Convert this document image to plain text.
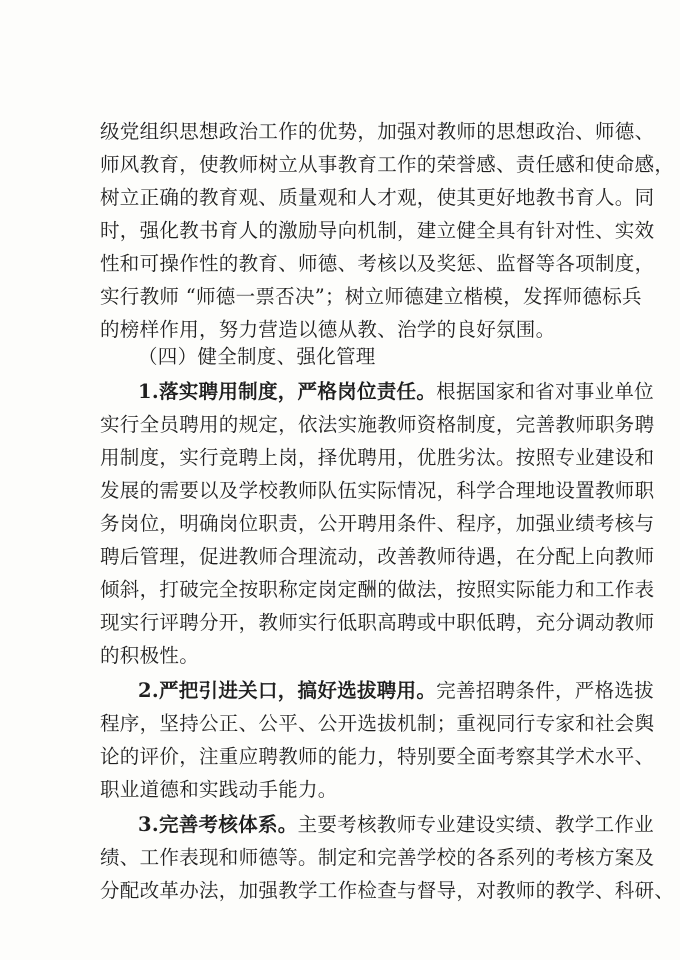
级党组织思想政治工作的优势，加强对教师的思想政治、师德、
师风教育，使教师树立从事教育工作的荣誉感、责任感和使命感，
树立正确的教育观、质量观和人才观，使其更好地教书育人。同
时，强化教书育人的激励导向机制，建立健全具有针对性、实效
性和可操作性的教育、师德、考核以及奖惩、监督等各项制度，
实行教师 “师德一票否决”；树立师德建立楷模，发挥师德标兵
的榜样作用，努力营造以德从教、治学的良好氛围。
（四）健全制度、强化管理
1.落实聘用制度，严格岗位责任。根据国家和省对事业单位
实行全员聘用的规定，依法实施教师资格制度，完善教师职务聘
用制度，实行竞聘上岗，择优聘用，优胜劣汰。按照专业建设和
发展的需要以及学校教师队伍实际情况，科学合理地设置教师职
务岗位，明确岗位职责，公开聘用条件、程序，加强业绩考核与
聘后管理，促进教师合理流动，改善教师待遇，在分配上向教师
倾斜，打破完全按职称定岗定酬的做法，按照实际能力和工作表
现实行评聘分开，教师实行低职高聘或中职低聘，充分调动教师
的积极性。
2.严把引进关口，搞好选拔聘用。完善招聘条件，严格选拔
程序，坚持公正、公平、公开选拔机制；重视同行专家和社会舆
论的评价，注重应聘教师的能力，特别要全面考察其学术水平、
职业道德和实践动手能力。
3.完善考核体系。主要考核教师专业建设实绩、教学工作业
绩、工作表现和师德等。制定和完善学校的各系列的考核方案及
分配改革办法，加强教学工作检查与督导，对教师的教学、科研、
